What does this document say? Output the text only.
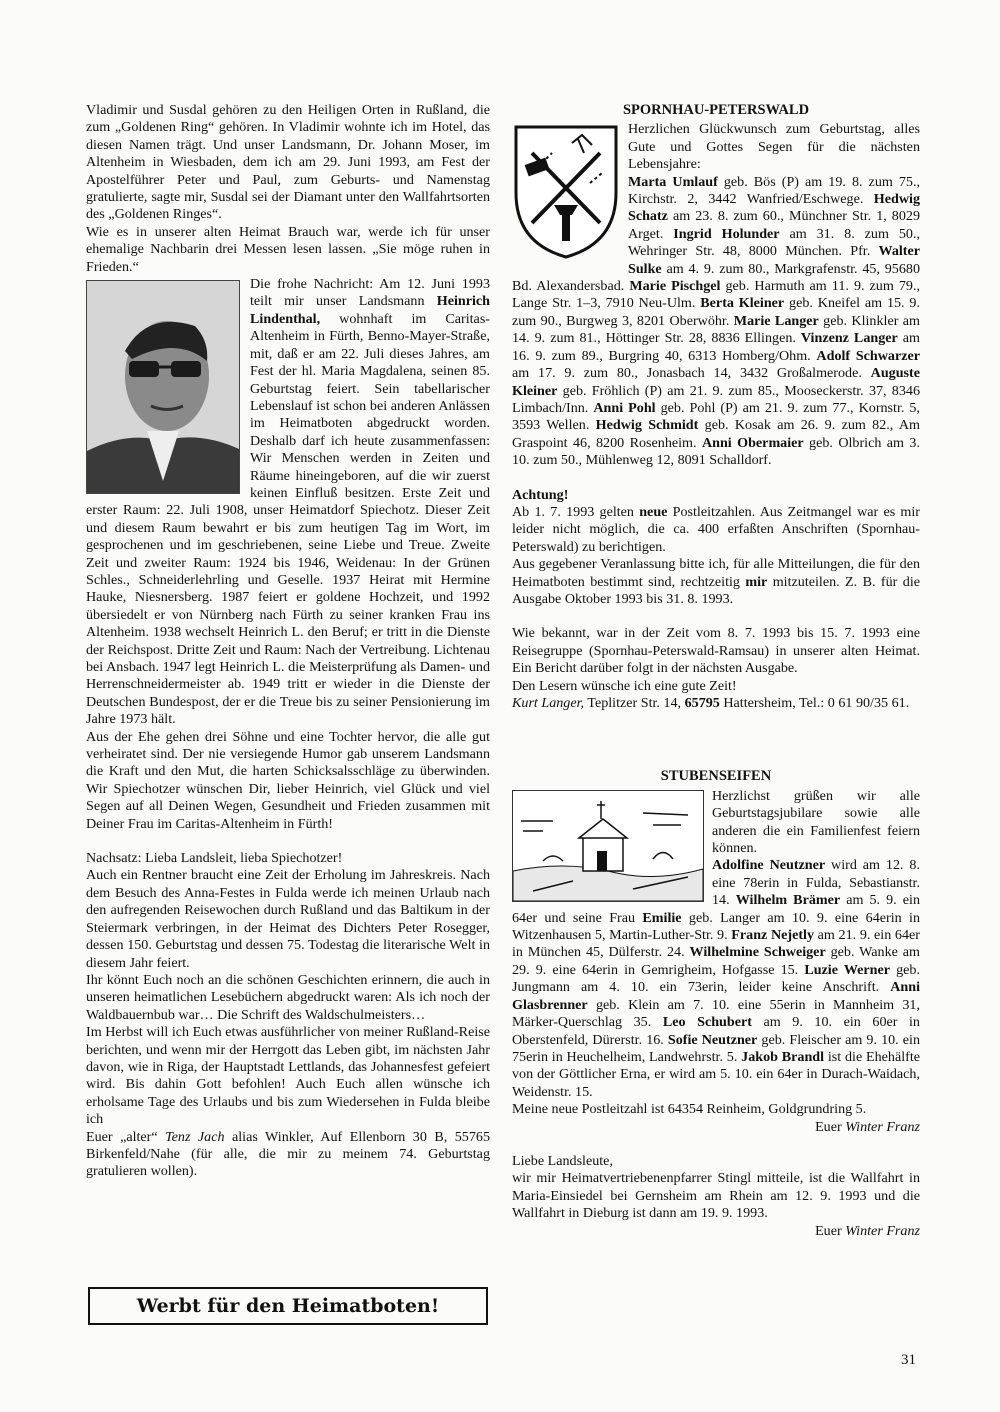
Vladimir und Susdal gehören zu den Heiligen Orten in Rußland, die zum „Goldenen Ring“ gehören. In Vladimir wohnte ich im Hotel, das diesen Namen trägt. Und unser Landsmann, Dr. Johann Moser, im Altenheim in Wiesbaden, dem ich am 29. Juni 1993, am Fest der Apostelführer Peter und Paul, zum Geburts- und Namenstag gratulierte, sagte mir, Susdal sei der Diamant unter den Wallfahrtsorten des „Goldenen Ringes“.

Wie es in unserer alten Heimat Brauch war, werde ich für unser ehemalige Nachbarin drei Messen lesen lassen. „Sie möge ruhen in Frieden.“

Die frohe Nachricht: Am 12. Juni 1993 teilt mir unser Landsmann Heinrich Lindenthal, wohnhaft im Caritas-Altenheim in Fürth, Benno-Mayer-Straße, mit, daß er am 22. Juli dieses Jahres, am Fest der hl. Maria Magdalena, seinen 85. Geburtstag feiert. Sein tabellarischer Lebenslauf ist schon bei anderen Anlässen im Heimatboten abgedruckt worden. Deshalb darf ich heute zusammenfassen: Wir Menschen werden in Zeiten und Räume hineingeboren, auf die wir zuerst keinen Einfluß besitzen. Erste Zeit und erster Raum: 22. Juli 1908, unser Heimatdorf Spiechotz. Dieser Zeit und diesem Raum bewahrt er bis zum heutigen Tag im Wort, im gesprochenen und im geschriebenen, seine Liebe und Treue. Zweite Zeit und zweiter Raum: 1924 bis 1946, Weidenau: In der Grünen Schles., Schneiderlehrling und Geselle. 1937 Heirat mit Hermine Hauke, Niesnersberg. 1987 feiert er goldene Hochzeit, und 1992 übersiedelt er von Nürnberg nach Fürth zu seiner kranken Frau ins Altenheim. 1938 wechselt Heinrich L. den Beruf; er tritt in die Dienste der Reichspost. Dritte Zeit und Raum: Nach der Vertreibung. Lichtenau bei Ansbach. 1947 legt Heinrich L. die Meisterprüfung als Damen- und Herrenschneidermeister ab. 1949 tritt er wieder in die Dienste der Deutschen Bundespost, der er die Treue bis zu seiner Pensionierung im Jahre 1973 hält.

Aus der Ehe gehen drei Söhne und eine Tochter hervor, die alle gut verheiratet sind. Der nie versiegende Humor gab unserem Landsmann die Kraft und den Mut, die harten Schicksalsschläge zu überwinden. Wir Spiechotzer wünschen Dir, lieber Heinrich, viel Glück und viel Segen auf all Deinen Wegen, Gesundheit und Frieden zusammen mit Deiner Frau im Caritas-Altenheim in Fürth!

Nachsatz: Lieba Landsleit, lieba Spiechotzer!

Auch ein Rentner braucht eine Zeit der Erholung im Jahreskreis. Nach dem Besuch des Anna-Festes in Fulda werde ich meinen Urlaub nach den aufregenden Reisewochen durch Rußland und das Baltikum in der Steiermark verbringen, in der Heimat des Dichters Peter Rosegger, dessen 150. Geburtstag und dessen 75. Todestag die literarische Welt in diesem Jahr feiert.

Ihr könnt Euch noch an die schönen Geschichten erinnern, die auch in unseren heimatlichen Lesebüchern abgedruckt waren: Als ich noch der Waldbauernbub war… Die Schrift des Waldschulmeisters…

Im Herbst will ich Euch etwas ausführlicher von meiner Rußland-Reise berichten, und wenn mir der Herrgott das Leben gibt, im nächsten Jahr davon, wie in Riga, der Hauptstadt Lettlands, das Johannesfest gefeiert wird. Bis dahin Gott befohlen! Auch Euch allen wünsche ich erholsame Tage des Urlaubs und bis zum Wiedersehen in Fulda bleibe ich

Euer „alter“ Tenz Jach alias Winkler, Auf Ellenborn 30 B, 55765 Birkenfeld/Nahe (für alle, die mir zu meinem 74. Geburtstag gratulieren wollen).

Werbt für den Heimatboten!
SPORNHAU-PETERSWALD

Herzlichen Glückwunsch zum Geburtstag, alles Gute und Gottes Segen für die nächsten Lebensjahre:
Marta Umlauf geb. Bös (P) am 19. 8. zum 75., Kirchstr. 2, 3442 Wanfried/Eschwege. Hedwig Schatz am 23. 8. zum 60., Münchner Str. 1, 8029 Arget. Ingrid Holunder am 31. 8. zum 50., Wehringer Str. 48, 8000 München. Pfr. Walter Sulke am 4. 9. zum 80., Markgrafenstr. 45, 95680 Bd. Alexandersbad. Marie Pischgel geb. Harmuth am 11. 9. zum 79., Lange Str. 1–3, 7910 Neu-Ulm. Berta Kleiner geb. Kneifel am 15. 9. zum 90., Burgweg 3, 8201 Oberwöhr. Marie Langer geb. Klinkler am 14. 9. zum 81., Höttinger Str. 28, 8836 Ellingen. Vinzenz Langer am 16. 9. zum 89., Burgring 40, 6313 Homberg/Ohm. Adolf Schwarzer am 17. 9. zum 80., Jonasbach 14, 3432 Großalmerode. Auguste Kleiner geb. Fröhlich (P) am 21. 9. zum 85., Mooseckerstr. 37, 8346 Limbach/Inn. Anni Pohl geb. Pohl (P) am 21. 9. zum 77., Kornstr. 5, 3593 Wellen. Hedwig Schmidt geb. Kosak am 26. 9. zum 82., Am Graspoint 46, 8200 Rosenheim. Anni Obermaier geb. Olbrich am 3. 10. zum 50., Mühlenweg 12, 8091 Schalldorf.

Achtung!

Ab 1. 7. 1993 gelten neue Postleitzahlen. Aus Zeitmangel war es mir leider nicht möglich, die ca. 400 erfaßten Anschriften (Spornhau-Peterswald) zu berichtigen.

Aus gegebener Veranlassung bitte ich, für alle Mitteilungen, die für den Heimatboten bestimmt sind, rechtzeitig mir mitzuteilen. Z. B. für die Ausgabe Oktober 1993 bis 31. 8. 1993.

Wie bekannt, war in der Zeit vom 8. 7. 1993 bis 15. 7. 1993 eine Reisegruppe (Spornhau-Peterswald-Ramsau) in unserer alten Heimat. Ein Bericht darüber folgt in der nächsten Ausgabe.

Den Lesern wünsche ich eine gute Zeit!

Kurt Langer, Teplitzer Str. 14, 65795 Hattersheim, Tel.: 0 61 90/35 61.

STUBENSEIFEN

Herzlichst grüßen wir alle Geburtstagsjubilare sowie alle anderen die ein Familienfest feiern können.
Adolfine Neutzner wird am 12. 8. eine 78erin in Fulda, Sebastianstr. 14. Wilhelm Brämer am 5. 9. ein 64er und seine Frau Emilie geb. Langer am 10. 9. eine 64erin in Witzenhausen 5, Martin-Luther-Str. 9. Franz Nejetly am 21. 9. ein 64er in München 45, Dülferstr. 24. Wilhelmine Schweiger geb. Wanke am 29. 9. eine 64erin in Gemrigheim, Hofgasse 15. Luzie Werner geb. Jungmann am 4. 10. ein 73erin, leider keine Anschrift. Anni Glasbrenner geb. Klein am 7. 10. eine 55erin in Mannheim 31, Märker-Querschlag 35. Leo Schubert am 9. 10. ein 60er in Oberstenfeld, Dürerstr. 16. Sofie Neutzner geb. Fleischer am 9. 10. ein 75erin in Heuchelheim, Landwehrstr. 5. Jakob Brandl ist die Ehehälfte von der Göttlicher Erna, er wird am 5. 10. ein 64er in Durach-Waidach, Weidenstr. 15.

Meine neue Postleitzahl ist 64354 Reinheim, Goldgrundring 5.

Euer Winter Franz

Liebe Landsleute,

wir mir Heimatvertriebenenpfarrer Stingl mitteile, ist die Wallfahrt in Maria-Einsiedel bei Gernsheim am Rhein am 12. 9. 1993 und die Wallfahrt in Dieburg ist dann am 19. 9. 1993.

Euer Winter Franz

31
